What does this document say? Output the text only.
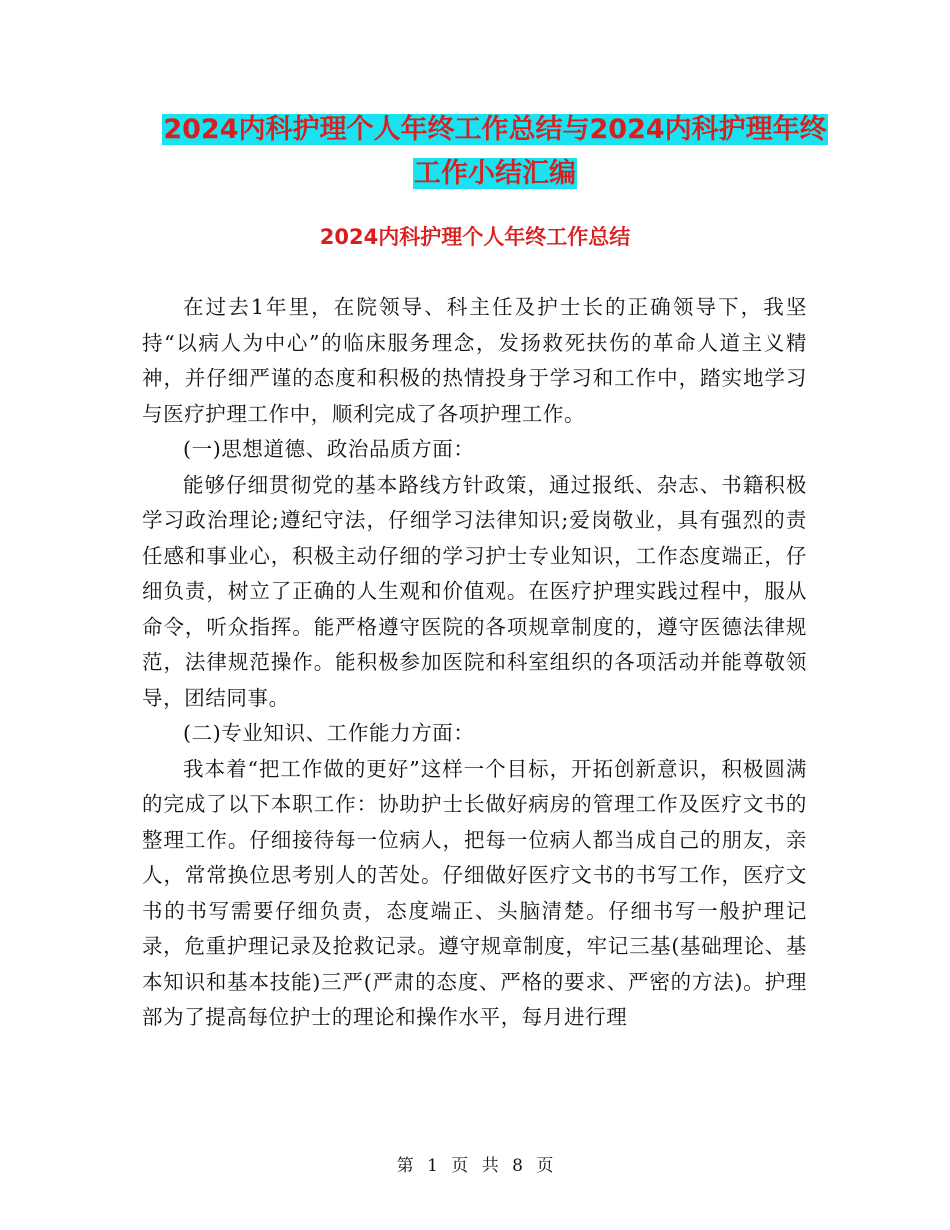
2024内科护理个人年终工作总结与2024内科护理年终
工作小结汇编
2024内科护理个人年终工作总结

在过去1年里，在院领导、科主任及护士长的正确领导下，我坚持“以病人为中心”的临床服务理念，发扬救死扶伤的革命人道主义精神，并仔细严谨的态度和积极的热情投身于学习和工作中，踏实地学习与医疗护理工作中，顺利完成了各项护理工作。

(一)思想道德、政治品质方面：

能够仔细贯彻党的基本路线方针政策，通过报纸、杂志、书籍积极学习政治理论;遵纪守法，仔细学习法律知识;爱岗敬业，具有强烈的责任感和事业心，积极主动仔细的学习护士专业知识，工作态度端正，仔细负责，树立了正确的人生观和价值观。在医疗护理实践过程中，服从命令，听众指挥。能严格遵守医院的各项规章制度的，遵守医德法律规范，法律规范操作。能积极参加医院和科室组织的各项活动并能尊敬领导，团结同事。

(二)专业知识、工作能力方面：

我本着“把工作做的更好”这样一个目标，开拓创新意识，积极圆满的完成了以下本职工作：协助护士长做好病房的管理工作及医疗文书的整理工作。仔细接待每一位病人，把每一位病人都当成自己的朋友，亲人，常常换位思考别人的苦处。仔细做好医疗文书的书写工作，医疗文书的书写需要仔细负责，态度端正、头脑清楚。仔细书写一般护理记录，危重护理记录及抢救记录。遵守规章制度，牢记三基(基础理论、基本知识和基本技能)三严(严肃的态度、严格的要求、严密的方法)。护理部为了提高每位护士的理论和操作水平，每月进行理

第 1 页 共 8 页
